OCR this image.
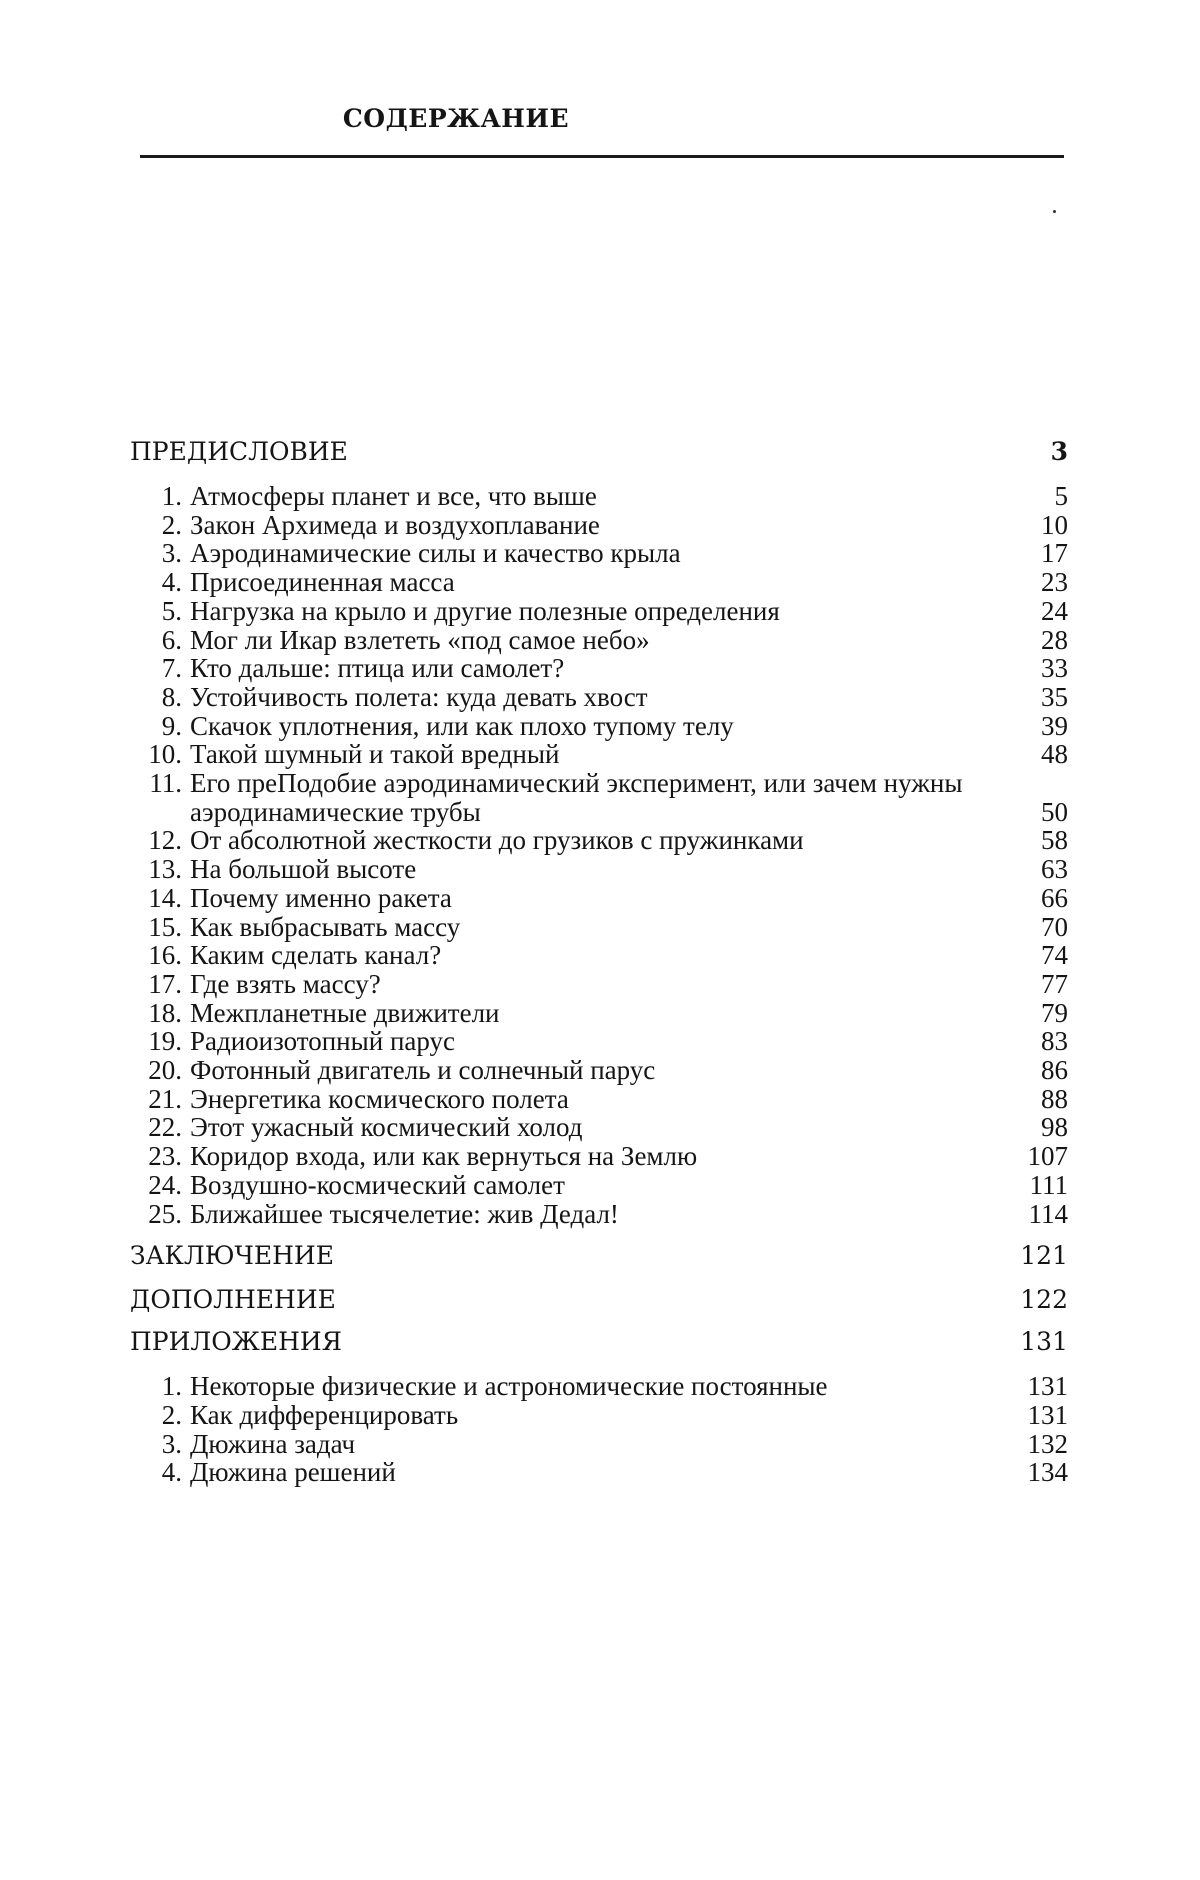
СОДЕРЖАНИЕ
ПРЕДИСЛОВИЕ	3
1. Атмосферы планет и все, что выше	5
2. Закон Архимеда и воздухоплавание	10
3. Аэродинамические силы и качество крыла	17
4. Присоединенная масса	23
5. Нагрузка на крыло и другие полезные определения	24
6. Мог ли Икар взлететь «под самое небо»	28
7. Кто дальше: птица или самолет?	33
8. Устойчивость полета: куда девать хвост	35
9. Скачок уплотнения, или как плохо тупому телу	39
10. Такой шумный и такой вредный	48
11. Его преПодобие аэродинамический эксперимент, или зачем нужны аэродинамические трубы	50
12. От абсолютной жесткости до грузиков с пружинками	58
13. На большой высоте	63
14. Почему именно ракета	66
15. Как выбрасывать массу	70
16. Каким сделать канал?	74
17. Где взять массу?	77
18. Межпланетные движители	79
19. Радиоизотопный парус	83
20. Фотонный двигатель и солнечный парус	86
21. Энергетика космического полета	88
22. Этот ужасный космический холод	98
23. Коридор входа, или как вернуться на Землю	107
24. Воздушно-космический самолет	111
25. Ближайшее тысячелетие: жив Дедал!	114
ЗАКЛЮЧЕНИЕ	121
ДОПОЛНЕНИЕ	122
ПРИЛОЖЕНИЯ	131
1. Некоторые физические и астрономические постоянные	131
2. Как дифференцировать	131
3. Дюжина задач	132
4. Дюжина решений	134
